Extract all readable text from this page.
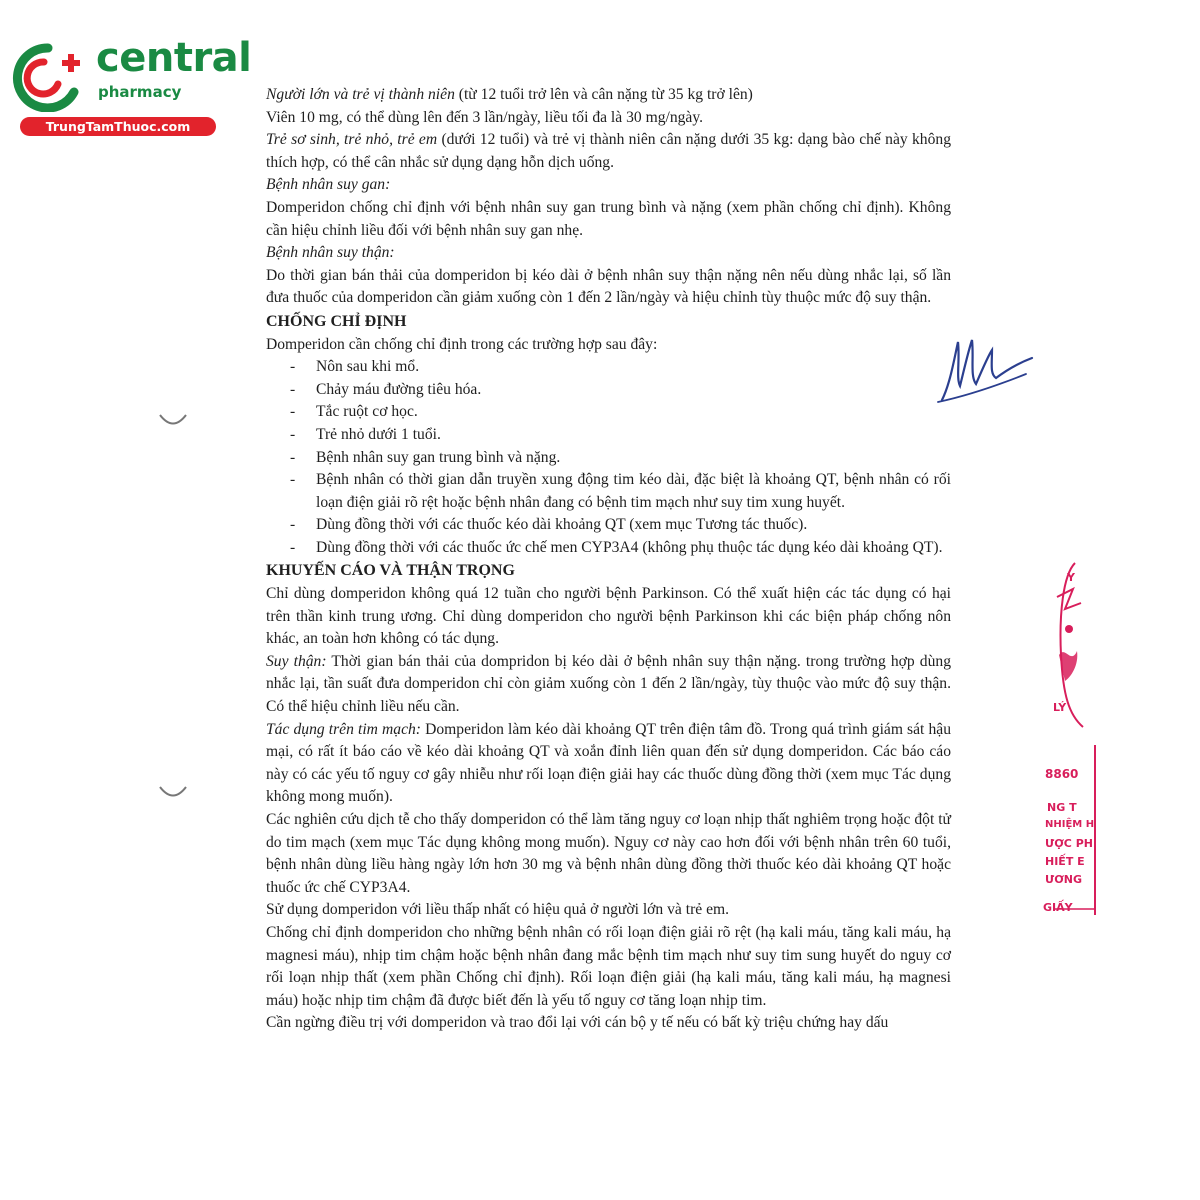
central
pharmacy
TrungTamThuoc.com

Người lớn và trẻ vị thành niên (từ 12 tuổi trở lên và cân nặng từ 35 kg trở lên)

Viên 10 mg, có thể dùng lên đến 3 lần/ngày, liều tối đa là 30 mg/ngày.

Trẻ sơ sinh, trẻ nhỏ, trẻ em (dưới 12 tuổi) và trẻ vị thành niên cân nặng dưới 35 kg: dạng bào chế này không thích hợp, có thể cân nhắc sử dụng dạng hỗn dịch uống.

Bệnh nhân suy gan:

Domperidon chống chỉ định với bệnh nhân suy gan trung bình và nặng (xem phần chống chỉ định). Không cần hiệu chỉnh liều đối với bệnh nhân suy gan nhẹ.

Bệnh nhân suy thận:

Do thời gian bán thải của domperidon bị kéo dài ở bệnh nhân suy thận nặng nên nếu dùng nhắc lại, số lần đưa thuốc của domperidon cần giảm xuống còn 1 đến 2 lần/ngày và hiệu chỉnh tùy thuộc mức độ suy thận.

CHỐNG CHỈ ĐỊNH

Domperidon cần chống chỉ định trong các trường hợp sau đây:

- Nôn sau khi mổ.
- Chảy máu đường tiêu hóa.
- Tắc ruột cơ học.
- Trẻ nhỏ dưới 1 tuổi.
- Bệnh nhân suy gan trung bình và nặng.
- Bệnh nhân có thời gian dẫn truyền xung động tim kéo dài, đặc biệt là khoảng QT, bệnh nhân có rối loạn điện giải rõ rệt hoặc bệnh nhân đang có bệnh tim mạch như suy tim xung huyết.
- Dùng đồng thời với các thuốc kéo dài khoảng QT (xem mục Tương tác thuốc).
- Dùng đồng thời với các thuốc ức chế men CYP3A4 (không phụ thuộc tác dụng kéo dài khoảng QT).

KHUYẾN CÁO VÀ THẬN TRỌNG

Chỉ dùng domperidon không quá 12 tuần cho người bệnh Parkinson. Có thể xuất hiện các tác dụng có hại trên thần kinh trung ương. Chỉ dùng domperidon cho người bệnh Parkinson khi các biện pháp chống nôn khác, an toàn hơn không có tác dụng.

Suy thận: Thời gian bán thải của dompridon bị kéo dài ở bệnh nhân suy thận nặng. trong trường hợp dùng nhắc lại, tần suất đưa domperidon chỉ còn giảm xuống còn 1 đến 2 lần/ngày, tùy thuộc vào mức độ suy thận. Có thể hiệu chỉnh liều nếu cần.

Tác dụng trên tim mạch: Domperidon làm kéo dài khoảng QT trên điện tâm đồ. Trong quá trình giám sát hậu mại, có rất ít báo cáo về kéo dài khoảng QT và xoắn đỉnh liên quan đến sử dụng domperidon. Các báo cáo này có các yếu tố nguy cơ gây nhiễu như rối loạn điện giải hay các thuốc dùng đồng thời (xem mục Tác dụng không mong muốn).

Các nghiên cứu dịch tễ cho thấy domperidon có thể làm tăng nguy cơ loạn nhịp thất nghiêm trọng hoặc đột tử do tim mạch (xem mục Tác dụng không mong muốn). Nguy cơ này cao hơn đối với bệnh nhân trên 60 tuổi, bệnh nhân dùng liều hàng ngày lớn hơn 30 mg và bệnh nhân dùng đồng thời thuốc kéo dài khoảng QT hoặc thuốc ức chế CYP3A4.

Sử dụng domperidon với liều thấp nhất có hiệu quả ở người lớn và trẻ em.

Chống chỉ định domperidon cho những bệnh nhân có rối loạn điện giải rõ rệt (hạ kali máu, tăng kali máu, hạ magnesi máu), nhịp tim chậm hoặc bệnh nhân đang mắc bệnh tim mạch như suy tim sung huyết do nguy cơ rối loạn nhịp thất (xem phần Chống chỉ định). Rối loạn điện giải (hạ kali máu, tăng kali máu, hạ magnesi máu) hoặc nhịp tim chậm đã được biết đến là yếu tố nguy cơ tăng loạn nhịp tim.

Cần ngừng điều trị với domperidon và trao đổi lại với cán bộ y tế nếu có bất kỳ triệu chứng hay dấu

Y
LÝ
8860
NG T
NHIỆM H
ƯỢC PH
HIẾT E
ƯƠNG
GIẤY
